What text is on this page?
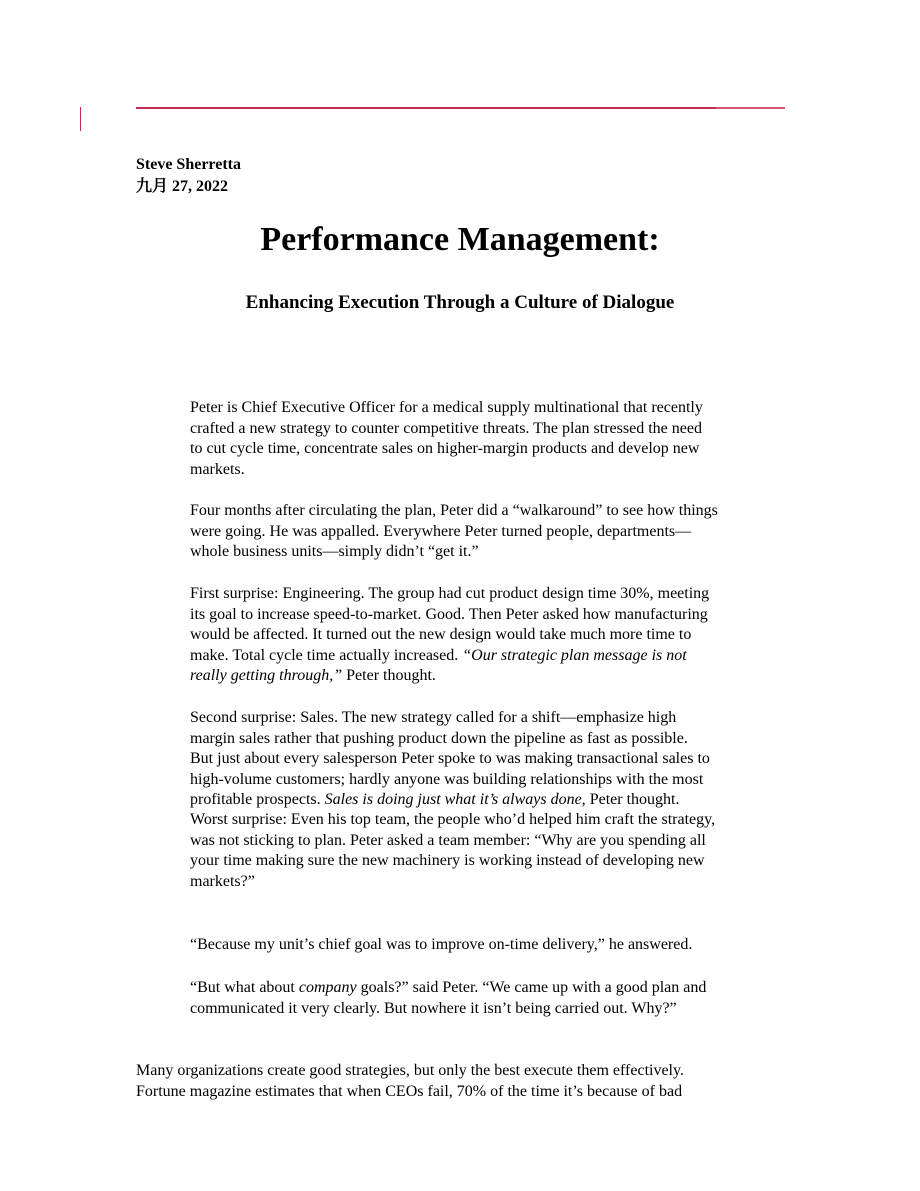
Steve Sherretta
九月 27, 2022
Performance Management:
Enhancing Execution Through a Culture of Dialogue
Peter is Chief Executive Officer for a medical supply multinational that recently
crafted a new strategy to counter competitive threats. The plan stressed the need
to cut cycle time, concentrate sales on higher-margin products and develop new
markets.
Four months after circulating the plan, Peter did a “walkaround” to see how things
were going. He was appalled. Everywhere Peter turned people, departments—
whole business units—simply didn’t “get it.”
First surprise: Engineering. The group had cut product design time 30%, meeting
its goal to increase speed-to-market. Good. Then Peter asked how manufacturing
would be affected. It turned out the new design would take much more time to
make. Total cycle time actually increased. “Our strategic plan message is not
really getting through,” Peter thought.
Second surprise: Sales. The new strategy called for a shift—emphasize high
margin sales rather that pushing product down the pipeline as fast as possible.
But just about every salesperson Peter spoke to was making transactional sales to
high-volume customers; hardly anyone was building relationships with the most
profitable prospects. Sales is doing just what it’s always done, Peter thought.
Worst surprise: Even his top team, the people who’d helped him craft the strategy,
was not sticking to plan. Peter asked a team member: “Why are you spending all
your time making sure the new machinery is working instead of developing new
markets?”
“Because my unit’s chief goal was to improve on-time delivery,” he answered.
“But what about company goals?” said Peter. “We came up with a good plan and
communicated it very clearly. But nowhere it isn’t being carried out. Why?”
Many organizations create good strategies, but only the best execute them effectively.
Fortune magazine estimates that when CEOs fail, 70% of the time it’s because of bad
